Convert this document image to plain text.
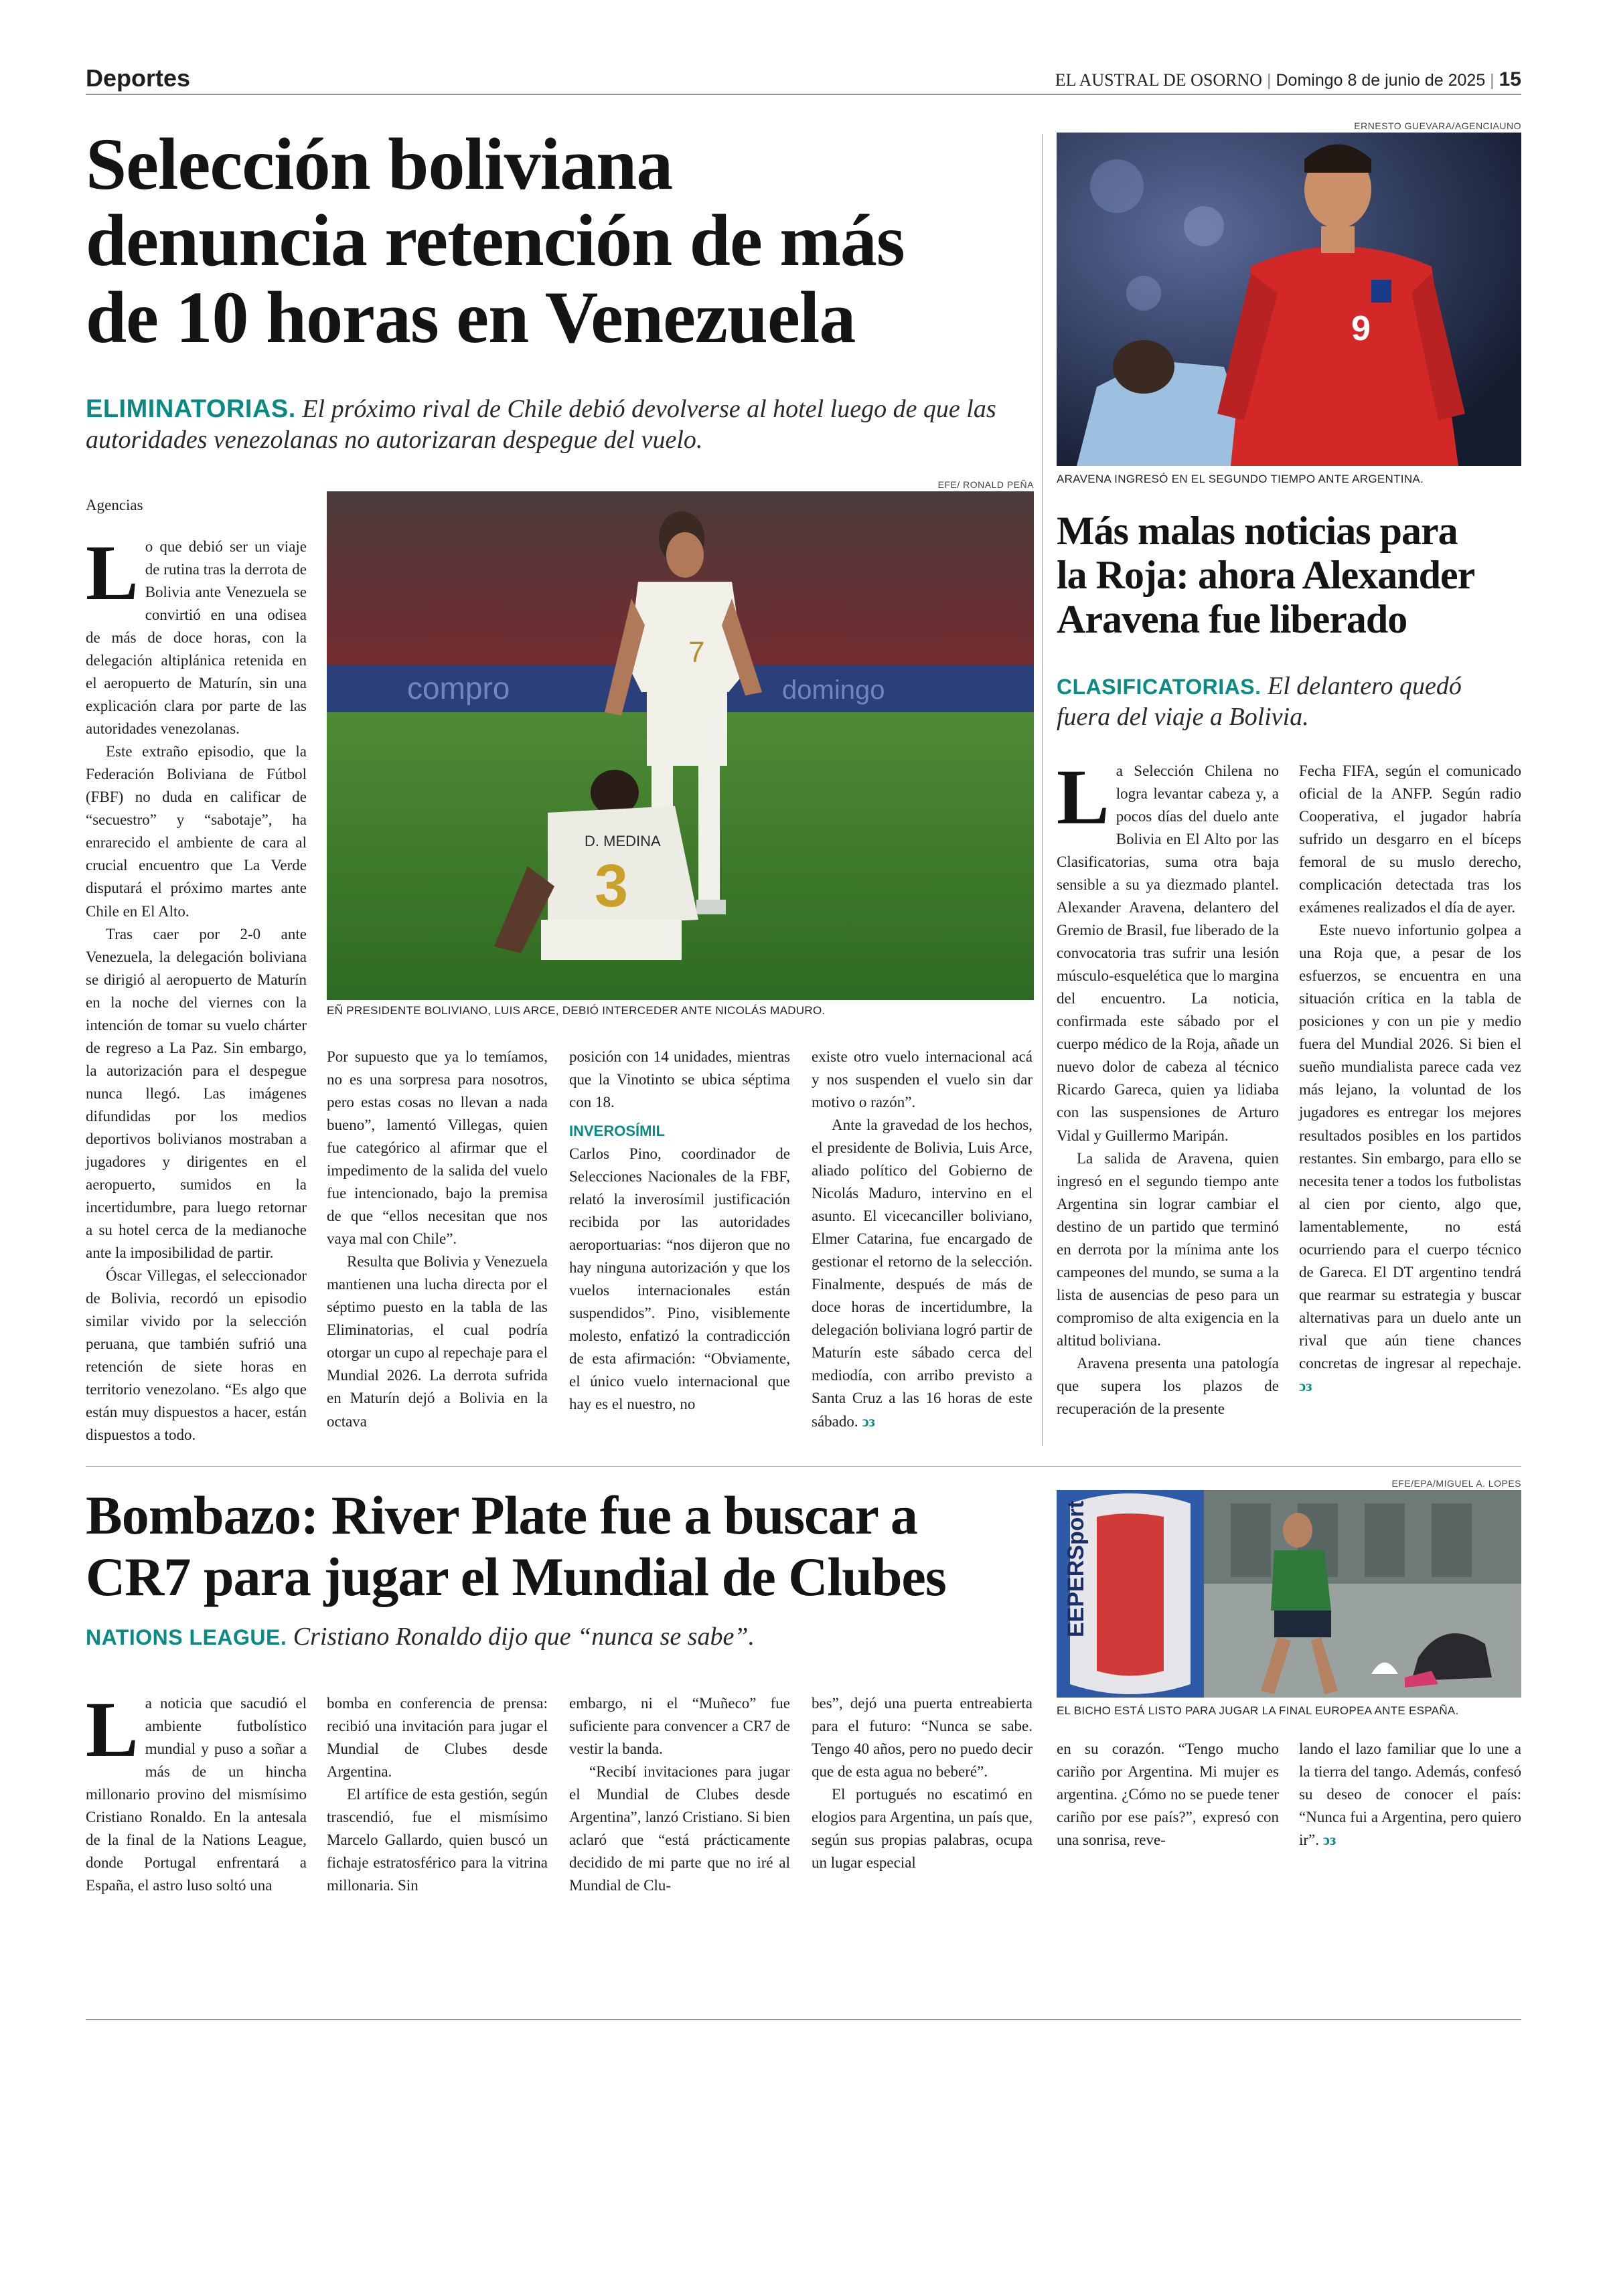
Deportes	EL AUSTRAL DE OSORNO | Domingo 8 de junio de 2025 | 15
Selección boliviana
denuncia retención de más
de 10 horas en Venezuela
ELIMINATORIAS. El próximo rival de Chile debió devolverse al hotel luego de que las autoridades venezolanas no autorizaran despegue del vuelo.
Agencias
EFE/ RONALD PEÑA
compro	domingo
7
D. MEDINA
3
EÑ PRESIDENTE BOLIVIANO, LUIS ARCE, DEBIÓ INTERCEDER ANTE NICOLÁS MADURO.

Lo que debió ser un viaje de rutina tras la derrota de Bolivia ante Venezuela se convirtió en una odisea de más de doce horas, con la delegación altiplánica retenida en el aeropuerto de Maturín, sin una explicación clara por parte de las autoridades venezolanas.

Este extraño episodio, que la Federación Boliviana de Fútbol (FBF) no duda en calificar de “secuestro” y “sabotaje”, ha enrarecido el ambiente de cara al crucial encuentro que La Verde disputará el próximo martes ante Chile en El Alto.

Tras caer por 2-0 ante Venezuela, la delegación boliviana se dirigió al aeropuerto de Maturín en la noche del viernes con la intención de tomar su vuelo chárter de regreso a La Paz. Sin embargo, la autorización para el despegue nunca llegó. Las imágenes difundidas por los medios deportivos bolivianos mostraban a jugadores y dirigentes en el aeropuerto, sumidos en la incertidumbre, para luego retornar a su hotel cerca de la medianoche ante la imposibilidad de partir.

Óscar Villegas, el seleccionador de Bolivia, recordó un episodio similar vivido por la selección peruana, que también sufrió una retención de siete horas en territorio venezolano. “Es algo que están muy dispuestos a hacer, están dispuestos a todo.

Por supuesto que ya lo temíamos, no es una sorpresa para nosotros, pero estas cosas no llevan a nada bueno”, lamentó Villegas, quien fue categórico al afirmar que el impedimento de la salida del vuelo fue intencionado, bajo la premisa de que “ellos necesitan que nos vaya mal con Chile”.

Resulta que Bolivia y Venezuela mantienen una lucha directa por el séptimo puesto en la tabla de las Eliminatorias, el cual podría otorgar un cupo al repechaje para el Mundial 2026. La derrota sufrida en Maturín dejó a Bolivia en la octava

posición con 14 unidades, mientras que la Vinotinto se ubica séptima con 18.

INVEROSÍMIL

Carlos Pino, coordinador de Selecciones Nacionales de la FBF, relató la inverosímil justificación recibida por las autoridades aeroportuarias: “nos dijeron que no hay ninguna autorización y que los vuelos internacionales están suspendidos”. Pino, visiblemente molesto, enfatizó la contradicción de esta afirmación: “Obviamente, el único vuelo internacional que hay es el nuestro, no

existe otro vuelo internacional acá y nos suspenden el vuelo sin dar motivo o razón”.

Ante la gravedad de los hechos, el presidente de Bolivia, Luis Arce, aliado político del Gobierno de Nicolás Maduro, intervino en el asunto. El vicecanciller boliviano, Elmer Catarina, fue encargado de gestionar el retorno de la selección. Finalmente, después de más de doce horas de incertidumbre, la delegación boliviana logró partir de Maturín este sábado cerca del mediodía, con arribo previsto a Santa Cruz a las 16 horas de este sábado. ↄз

ERNESTO GUEVARA/AGENCIAUNO
9
ARAVENA INGRESÓ EN EL SEGUNDO TIEMPO ANTE ARGENTINA.
Más malas noticias para
la Roja: ahora Alexander
Aravena fue liberado
CLASIFICATORIAS. El delantero quedó fuera del viaje a Bolivia.

La Selección Chilena no logra levantar cabeza y, a pocos días del duelo ante Bolivia en El Alto por las Clasificatorias, suma otra baja sensible a su ya diezmado plantel. Alexander Aravena, delantero del Gremio de Brasil, fue liberado de la convocatoria tras sufrir una lesión músculo-esquelética que lo margina del encuentro. La noticia, confirmada este sábado por el cuerpo médico de la Roja, añade un nuevo dolor de cabeza al técnico Ricardo Gareca, quien ya lidiaba con las suspensiones de Arturo Vidal y Guillermo Maripán.

La salida de Aravena, quien ingresó en el segundo tiempo ante Argentina sin lograr cambiar el destino de un partido que terminó en derrota por la mínima ante los campeones del mundo, se suma a la lista de ausencias de peso para un compromiso de alta exigencia en la altitud boliviana.

Aravena presenta una patología que supera los plazos de recuperación de la presente

Fecha FIFA, según el comunicado oficial de la ANFP. Según radio Cooperativa, el jugador habría sufrido un desgarro en el bíceps femoral de su muslo derecho, complicación detectada tras los exámenes realizados el día de ayer.

Este nuevo infortunio golpea a una Roja que, a pesar de los esfuerzos, se encuentra en una situación crítica en la tabla de posiciones y con un pie y medio fuera del Mundial 2026. Si bien el sueño mundialista parece cada vez más lejano, la voluntad de los jugadores es entregar los mejores resultados posibles en los partidos restantes. Sin embargo, para ello se necesita tener a todos los futbolistas al cien por ciento, algo que, lamentablemente, no está ocurriendo para el cuerpo técnico de Gareca. El DT argentino tendrá que rearmar su estrategia y buscar alternativas para un duelo ante un rival que aún tiene chances concretas de ingresar al repechaje. ↄз

Bombazo: River Plate fue a buscar a
CR7 para jugar el Mundial de Clubes
NATIONS LEAGUE. Cristiano Ronaldo dijo que “nunca se sabe”.
EFE/EPA/MIGUEL A. LOPES
EEPERSport
EL BICHO ESTÁ LISTO PARA JUGAR LA FINAL EUROPEA ANTE ESPAÑA.

La noticia que sacudió el ambiente futbolístico mundial y puso a soñar a más de un hincha millonario provino del mismísimo Cristiano Ronaldo. En la antesala de la final de la Nations League, donde Portugal enfrentará a España, el astro luso soltó una

bomba en conferencia de prensa: recibió una invitación para jugar el Mundial de Clubes desde Argentina.

El artífice de esta gestión, según trascendió, fue el mismísimo Marcelo Gallardo, quien buscó un fichaje estratosférico para la vitrina millonaria. Sin

embargo, ni el “Muñeco” fue suficiente para convencer a CR7 de vestir la banda.

“Recibí invitaciones para jugar el Mundial de Clubes desde Argentina”, lanzó Cristiano. Si bien aclaró que “está prácticamente decidido de mi parte que no iré al Mundial de Clu-

bes”, dejó una puerta entreabierta para el futuro: “Nunca se sabe. Tengo 40 años, pero no puedo decir que de esta agua no beberé”.

El portugués no escatimó en elogios para Argentina, un país que, según sus propias palabras, ocupa un lugar especial

en su corazón. “Tengo mucho cariño por Argentina. Mi mujer es argentina. ¿Cómo no se puede tener cariño por ese país?”, expresó con una sonrisa, reve-

lando el lazo familiar que lo une a la tierra del tango. Además, confesó su deseo de conocer el país: “Nunca fui a Argentina, pero quiero ir”. ↄз
